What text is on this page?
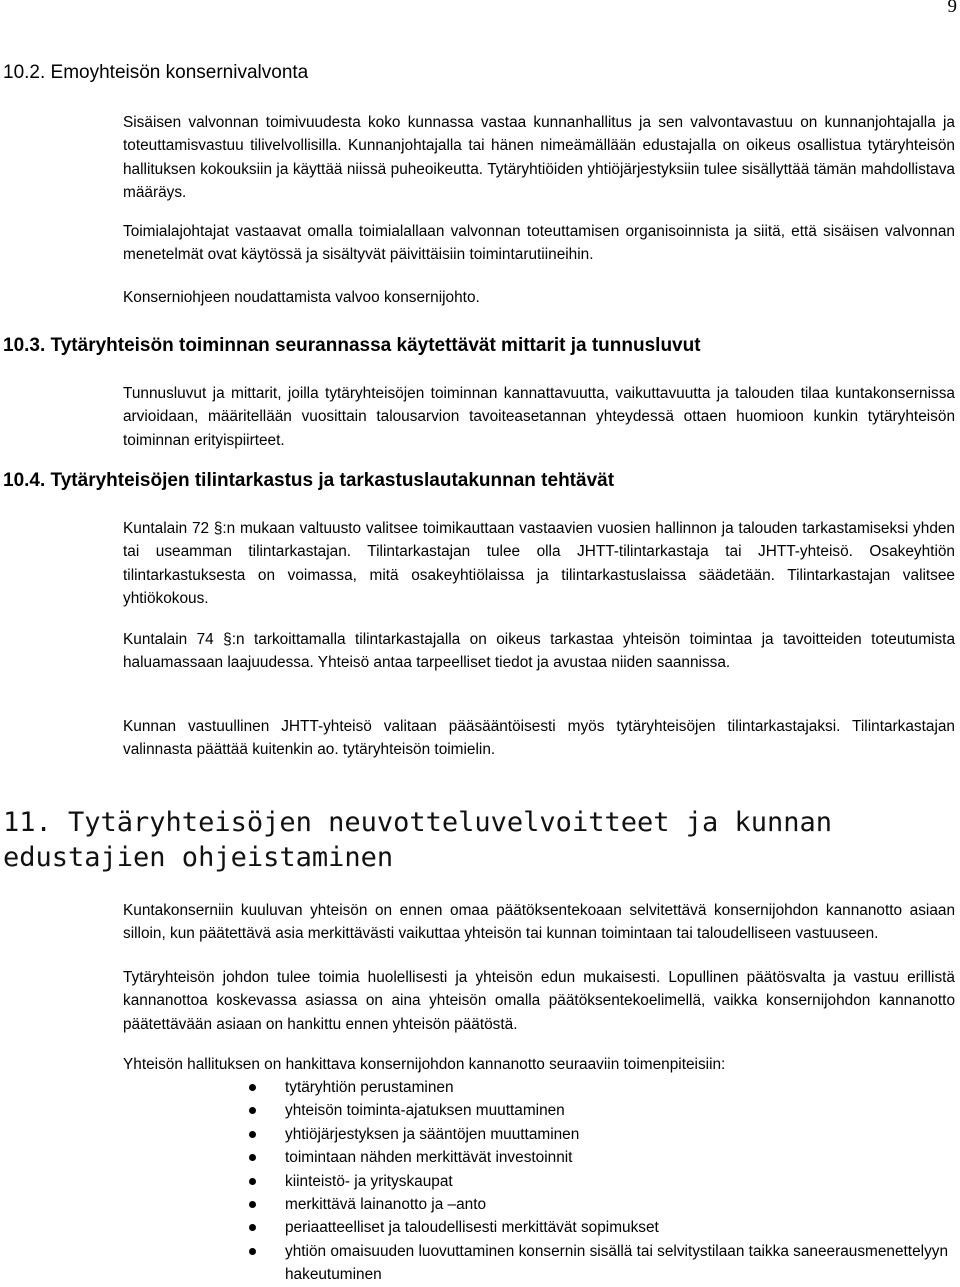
9
10.2. Emoyhteisön konsernivalvonta
Sisäisen valvonnan toimivuudesta koko kunnassa vastaa kunnanhallitus ja sen valvontavastuu on kunnanjohtajalla ja toteuttamisvastuu tilivelvollisilla. Kunnanjohtajalla tai hänen nimeämällään edustajalla on oikeus osallistua tytäryhteisön hallituksen kokouksiin ja käyttää niissä puheoikeutta. Tytäryhtiöiden yhtiöjärjestyksiin tulee sisällyttää tämän mahdollistava määräys.
Toimialajohtajat vastaavat omalla toimialallaan valvonnan toteuttamisen organisoinnista ja siitä, että sisäisen valvonnan menetelmät ovat käytössä ja sisältyvät päivittäisiin toimintarutiineihin.
Konserniohjeen noudattamista valvoo konsernijohto.
10.3. Tytäryhteisön toiminnan seurannassa käytettävät mittarit ja tunnusluvut
Tunnusluvut ja mittarit, joilla tytäryhteisöjen toiminnan kannattavuutta, vaikuttavuutta ja talouden tilaa kuntakonsernissa arvioidaan, määritellään vuosittain talousarvion tavoiteasetannan yhteydessä ottaen huomioon kunkin tytäryhteisön toiminnan erityispiirteet.
10.4. Tytäryhteisöjen tilintarkastus ja tarkastuslautakunnan tehtävät
Kuntalain 72 §:n mukaan valtuusto valitsee toimikauttaan vastaavien vuosien hallinnon ja talouden tarkastamiseksi yhden tai useamman tilintarkastajan. Tilintarkastajan tulee olla JHTT-tilintarkastaja tai JHTT-yhteisö. Osakeyhtiön tilintarkastuksesta on voimassa, mitä osakeyhtiölaissa ja tilintarkastuslaissa säädetään. Tilintarkastajan valitsee yhtiökokous.
Kuntalain 74 §:n tarkoittamalla tilintarkastajalla on oikeus tarkastaa yhteisön toimintaa ja tavoitteiden toteutumista haluamassaan laajuudessa. Yhteisö antaa tarpeelliset tiedot ja avustaa niiden saannissa.
Kunnan vastuullinen JHTT-yhteisö valitaan pääsääntöisesti myös tytäryhteisöjen tilintarkastajaksi. Tilintarkastajan valinnasta päättää kuitenkin ao. tytäryhteisön toimielin.
11. Tytäryhteisöjen neuvotteluvelvoitteet ja kunnan edustajien ohjeistaminen
Kuntakonserniin kuuluvan yhteisön on ennen omaa päätöksentekoaan selvitettävä konsernijohdon kannanotto asiaan silloin, kun päätettävä asia merkittävästi vaikuttaa yhteisön tai kunnan toimintaan tai taloudelliseen vastuuseen.
Tytäryhteisön johdon tulee toimia huolellisesti ja yhteisön edun mukaisesti. Lopullinen päätösvalta ja vastuu erillistä kannanottoa koskevassa asiassa on aina yhteisön omalla päätöksentekoelimellä, vaikka konsernijohdon kannanotto päätettävään asiaan on hankittu ennen yhteisön päätöstä.
Yhteisön hallituksen on hankittava konsernijohdon kannanotto seuraaviin toimenpiteisiin:
tytäryhtiön perustaminen
yhteisön toiminta-ajatuksen muuttaminen
yhtiöjärjestyksen ja sääntöjen muuttaminen
toimintaan nähden merkittävät investoinnit
kiinteistö- ja yrityskaupat
merkittävä lainanotto ja –anto
periaatteelliset ja taloudellisesti merkittävät sopimukset
yhtiön omaisuuden luovuttaminen konsernin sisällä tai selvitystilaan taikka saneerausmenettelyyn hakeutuminen
